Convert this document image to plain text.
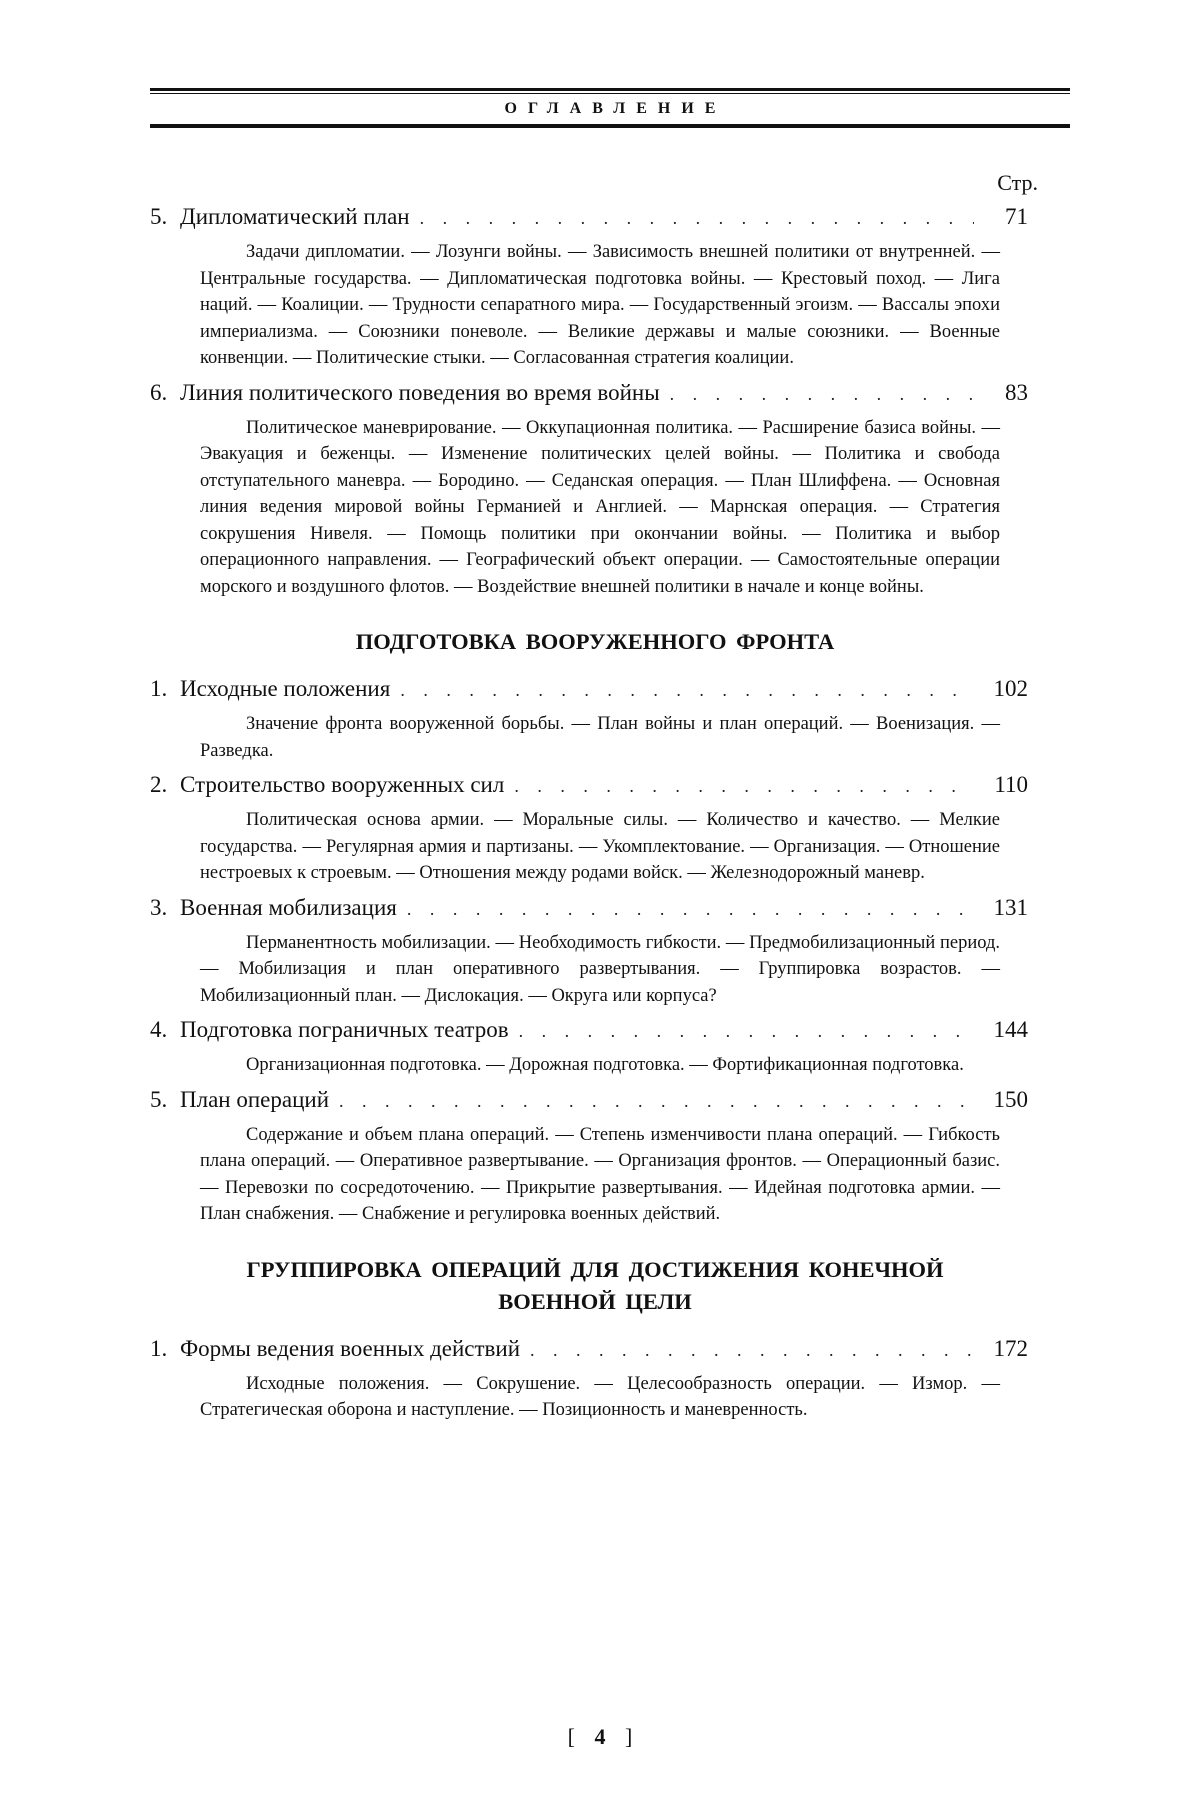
ОГЛАВЛЕНИЕ
Стр.
5. Дипломатический план . . .	71
Задачи дипломатии. — Лозунги войны. — Зависимость внешней политики от внутренней. — Центральные государства. — Дипломатическая подготовка войны. — Крестовый поход. — Лига наций. — Коалиции. — Трудности сепаратного мира. — Государственный эгоизм. — Вассалы эпохи империализма. — Союзники поневоле. — Великие державы и малые союзники. — Военные конвенции. — Политические стыки. — Согласованная стратегия коалиции.
6. Линия политического поведения во время войны . . .	83
Политическое маневрирование. — Оккупационная политика. — Расширение базиса войны. — Эвакуация и беженцы. — Изменение политических целей войны. — Политика и свобода отступательного маневра. — Бородино. — Седанская операция. — План Шлиффена. — Основная линия ведения мировой войны Германией и Англией. — Марнская операция. — Стратегия сокрушения Нивеля. — Помощь политики при окончании войны. — Политика и выбор операционного направления. — Географический объект операции. — Самостоятельные операции морского и воздушного флотов. — Воздействие внешней политики в начале и конце войны.
ПОДГОТОВКА ВООРУЖЕННОГО ФРОНТА
1. Исходные положения . . .	102
Значение фронта вооруженной борьбы. — План войны и план операций. — Военизация. — Разведка.
2. Строительство вооруженных сил . . .	110
Политическая основа армии. — Моральные силы. — Количество и качество. — Мелкие государства. — Регулярная армия и партизаны. — Укомплектование. — Организация. — Отношение нестроевых к строевым. — Отношения между родами войск. — Железнодорожный маневр.
3. Военная мобилизация . . .	131
Перманентность мобилизации. — Необходимость гибкости. — Предмобилизационный период. — Мобилизация и план оперативного развертывания. — Группировка возрастов. — Мобилизационный план. — Дислокация. — Округа или корпуса?
4. Подготовка пограничных театров . . .	144
Организационная подготовка. — Дорожная подготовка. — Фортификационная подготовка.
5. План операций . . .	150
Содержание и объем плана операций. — Степень изменчивости плана операций. — Гибкость плана операций. — Оперативное развертывание. — Организация фронтов. — Операционный базис. — Перевозки по сосредоточению. — Прикрытие развертывания. — Идейная подготовка армии. — План снабжения. — Снабжение и регулировка военных действий.
ГРУППИРОВКА ОПЕРАЦИЙ ДЛЯ ДОСТИЖЕНИЯ КОНЕЧНОЙ
ВОЕННОЙ ЦЕЛИ
1. Формы ведения военных действий . . .	172
Исходные положения. — Сокрушение. — Целесообразность операции. — Измор. — Стратегическая оборона и наступление. — Позиционность и маневренность.
[ 4 ]
